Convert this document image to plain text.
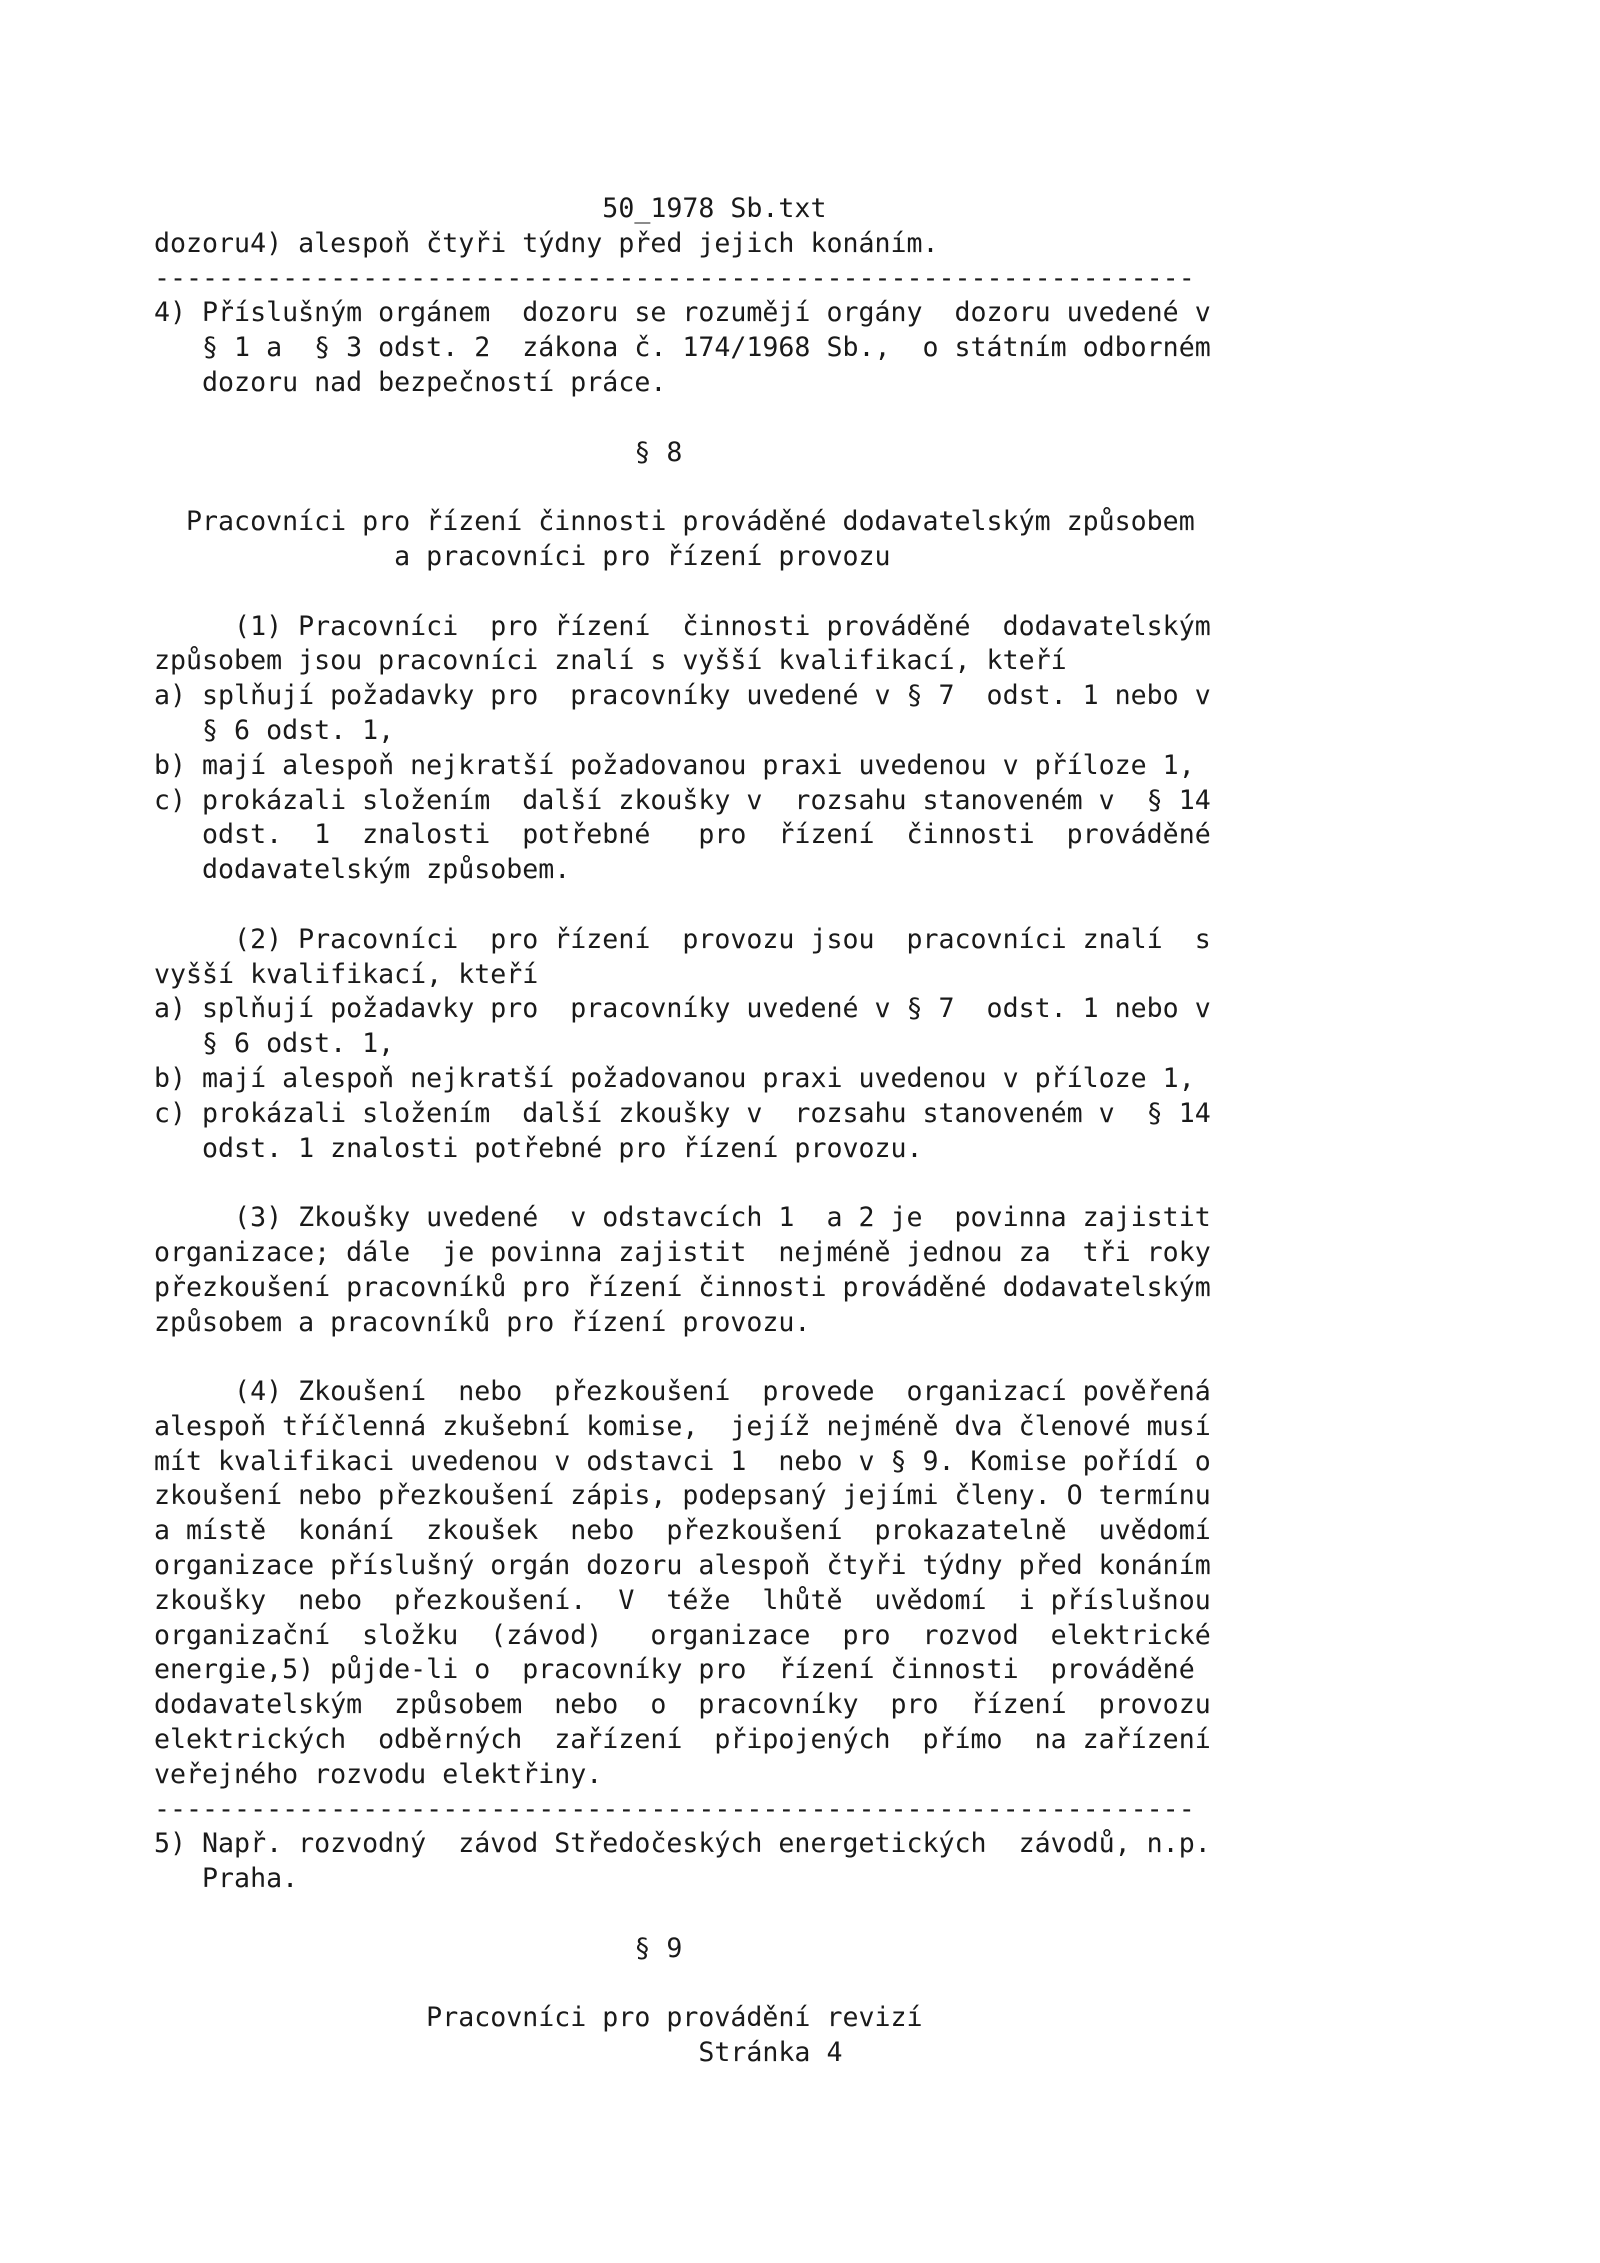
50_1978 Sb.txt
dozoru4) alespoň čtyři týdny před jejich konáním.
-----------------------------------------------------------------
4) Příslušným orgánem  dozoru se rozumějí orgány  dozoru uvedené v
§ 1 a  § 3 odst. 2  zákona č. 174/1968 Sb.,  o státním odborném
dozoru nad bezpečností práce.
§ 8
Pracovníci pro řízení činnosti prováděné dodavatelským způsobem
a pracovníci pro řízení provozu
(1) Pracovníci  pro řízení  činnosti prováděné  dodavatelským
způsobem jsou pracovníci znalí s vyšší kvalifikací, kteří
a) splňují požadavky pro  pracovníky uvedené v § 7  odst. 1 nebo v
§ 6 odst. 1,
b) mají alespoň nejkratší požadovanou praxi uvedenou v příloze 1,
c) prokázali složením  další zkoušky v  rozsahu stanoveném v  § 14
odst.  1  znalosti  potřebné   pro  řízení  činnosti  prováděné
dodavatelským způsobem.
(2) Pracovníci  pro řízení  provozu jsou  pracovníci znalí  s
vyšší kvalifikací, kteří
a) splňují požadavky pro  pracovníky uvedené v § 7  odst. 1 nebo v
§ 6 odst. 1,
b) mají alespoň nejkratší požadovanou praxi uvedenou v příloze 1,
c) prokázali složením  další zkoušky v  rozsahu stanoveném v  § 14
odst. 1 znalosti potřebné pro řízení provozu.
(3) Zkoušky uvedené  v odstavcích 1  a 2 je  povinna zajistit
organizace; dále  je povinna zajistit  nejméně jednou za  tři roky
přezkoušení pracovníků pro řízení činnosti prováděné dodavatelským
způsobem a pracovníků pro řízení provozu.
(4) Zkoušení  nebo  přezkoušení  provede  organizací pověřená
alespoň tříčlenná zkušební komise,  jejíž nejméně dva členové musí
mít kvalifikaci uvedenou v odstavci 1  nebo v § 9. Komise pořídí o
zkoušení nebo přezkoušení zápis, podepsaný jejími členy. O termínu
a místě  konání  zkoušek  nebo  přezkoušení  prokazatelně  uvědomí
organizace příslušný orgán dozoru alespoň čtyři týdny před konáním
zkoušky  nebo  přezkoušení.  V  téže  lhůtě  uvědomí  i příslušnou
organizační  složku  (závod)   organizace  pro  rozvod  elektrické
energie,5) půjde-li o  pracovníky pro  řízení činnosti  prováděné
dodavatelským  způsobem  nebo  o  pracovníky  pro  řízení  provozu
elektrických  odběrných  zařízení  připojených  přímo  na zařízení
veřejného rozvodu elektřiny.
-----------------------------------------------------------------
5) Např. rozvodný  závod Středočeských energetických  závodů, n.p.
Praha.
§ 9
Pracovníci pro provádění revizí
Stránka 4
